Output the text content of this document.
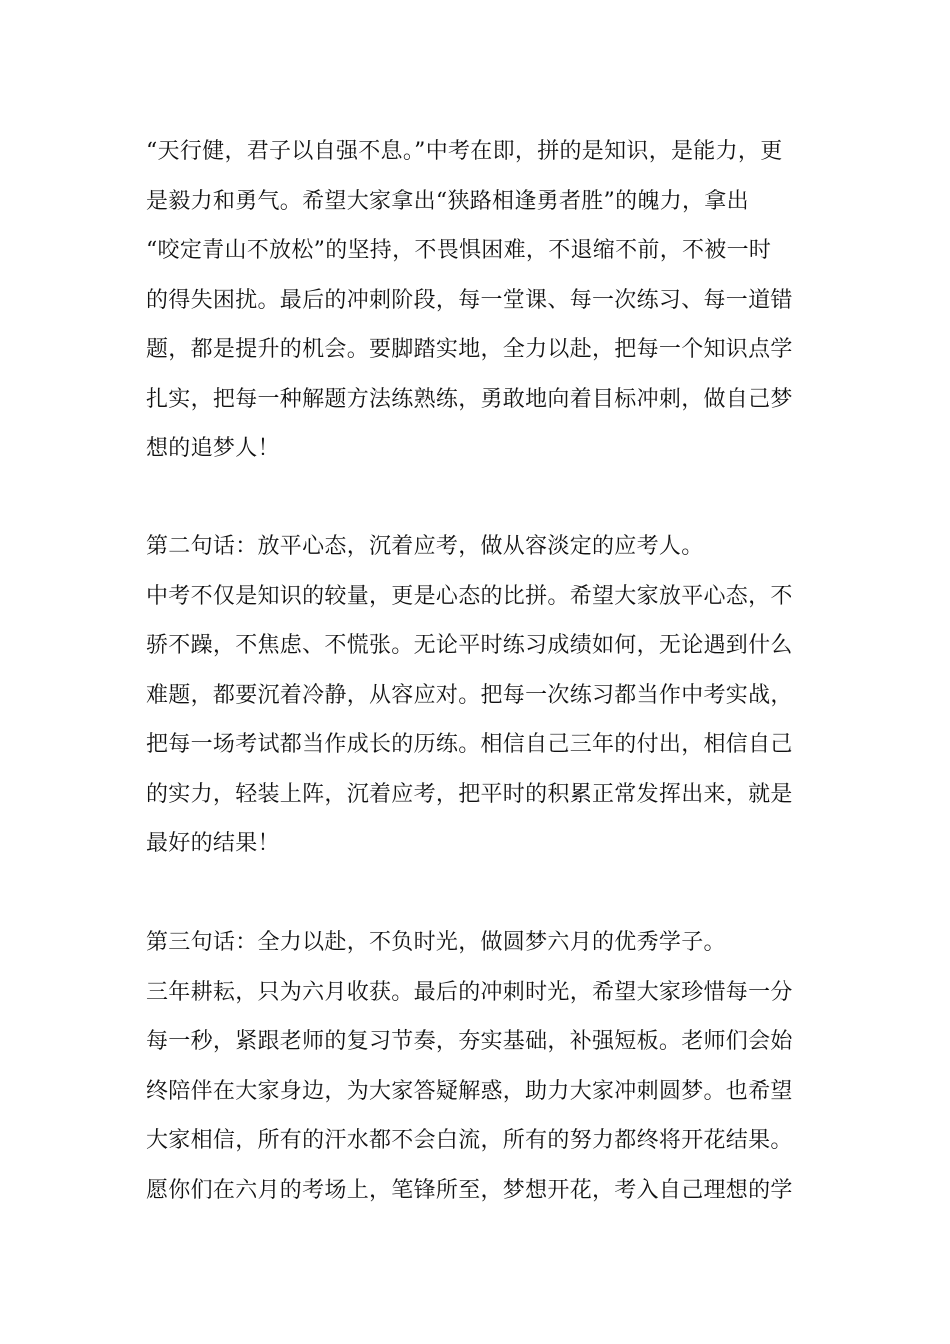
“天行健，君子以自强不息。”中考在即，拼的是知识，是能力，更
是毅力和勇气。希望大家拿出“狭路相逢勇者胜”的魄力，拿出
“咬定青山不放松”的坚持，不畏惧困难，不退缩不前，不被一时
的得失困扰。最后的冲刺阶段，每一堂课、每一次练习、每一道错
题，都是提升的机会。要脚踏实地，全力以赴，把每一个知识点学
扎实，把每一种解题方法练熟练，勇敢地向着目标冲刺，做自己梦
想的追梦人！
第二句话：放平心态，沉着应考，做从容淡定的应考人。
中考不仅是知识的较量，更是心态的比拼。希望大家放平心态，不
骄不躁，不焦虑、不慌张。无论平时练习成绩如何，无论遇到什么
难题，都要沉着冷静，从容应对。把每一次练习都当作中考实战，
把每一场考试都当作成长的历练。相信自己三年的付出，相信自己
的实力，轻装上阵，沉着应考，把平时的积累正常发挥出来，就是
最好的结果！
第三句话：全力以赴，不负时光，做圆梦六月的优秀学子。
三年耕耘，只为六月收获。最后的冲刺时光，希望大家珍惜每一分
每一秒，紧跟老师的复习节奏，夯实基础，补强短板。老师们会始
终陪伴在大家身边，为大家答疑解惑，助力大家冲刺圆梦。也希望
大家相信，所有的汗水都不会白流，所有的努力都终将开花结果。
愿你们在六月的考场上，笔锋所至，梦想开花，考入自己理想的学
